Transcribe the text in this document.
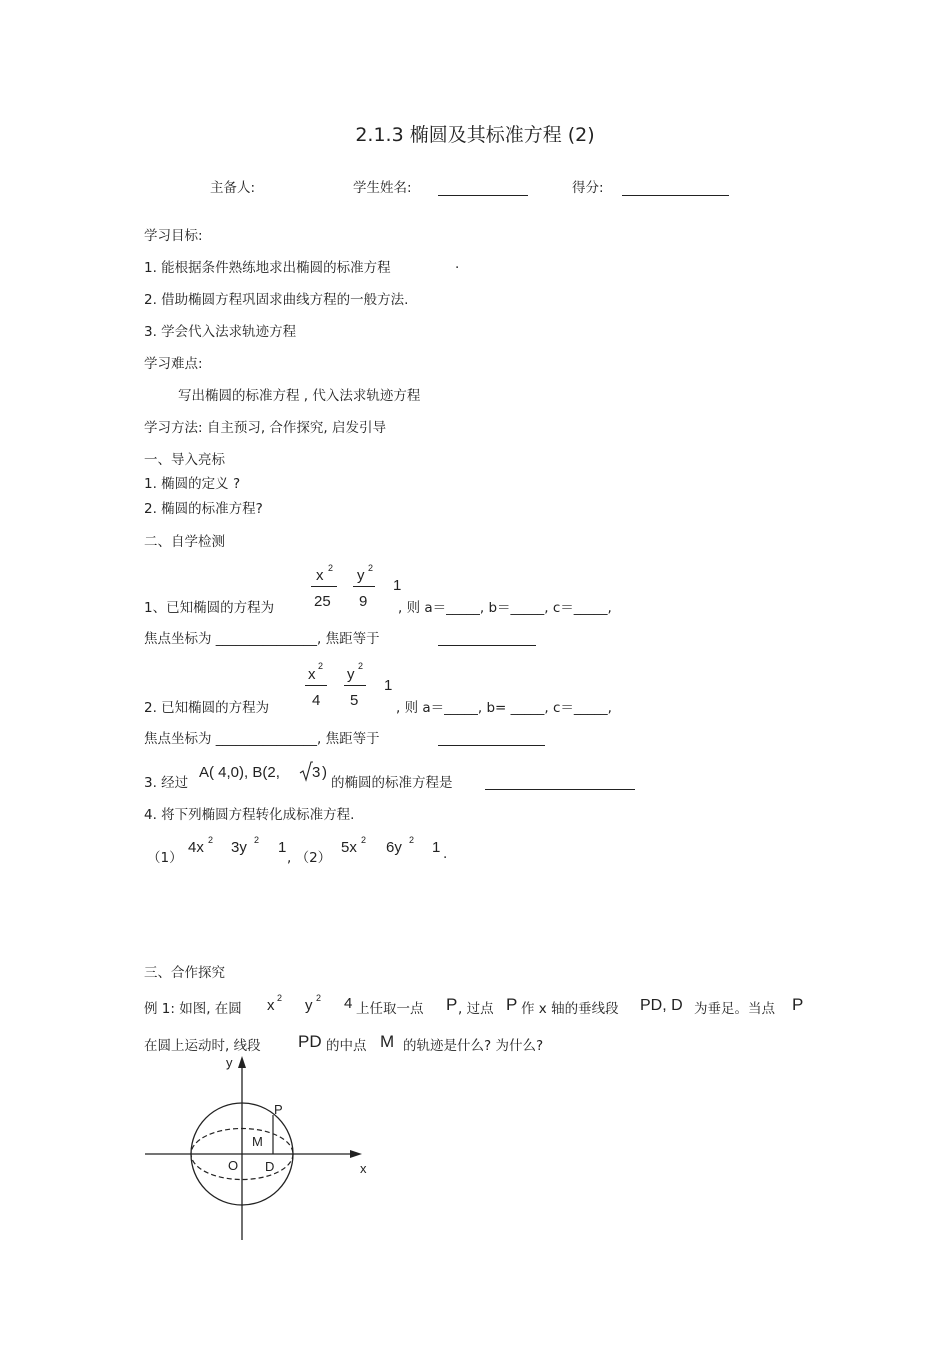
2.1.3 椭圆及其标准方程 (2)
主备人:	学生姓名:	得分:
学习目标:
1. 能根据条件熟练地求出椭圆的标准方程	.
2. 借助椭圆方程巩固求曲线方程的一般方法.
3. 学会代入法求轨迹方程
学习难点:
写出椭圆的标准方程 , 代入法求轨迹方程
学习方法: 自主预习, 合作探究, 启发引导
一、导入亮标
1. 椭圆的定义 ?
2. 椭圆的标准方程?
二、自学检测
1、已知椭圆的方程为
x 2
25
y 2
9
1
, 则 a＝_____, b＝_____, c＝_____,
焦点坐标为 _______________, 焦距等于
2. 已知椭圆的方程为
x 2
4
y 2
5
1
, 则 a＝_____, b= _____, c＝_____,
焦点坐标为 _______________, 焦距等于
3. 经过
A( 4,0), B(2, 3 )
的椭圆的标准方程是
4. 将下列椭圆方程转化成标准方程.
（1）
4x 2 3y 2 1
, （2）
5x 2 6y 2 1 .
三、合作探究
例 1: 如图, 在圆 x 2 y 2 4 上任取一点 P , 过点 P 作 x 轴的垂线段 PD, D 为垂足。当点 P
在圆上运动时, 线段 PD 的中点 M 的轨迹是什么? 为什么?
y
x
P
M
O D
